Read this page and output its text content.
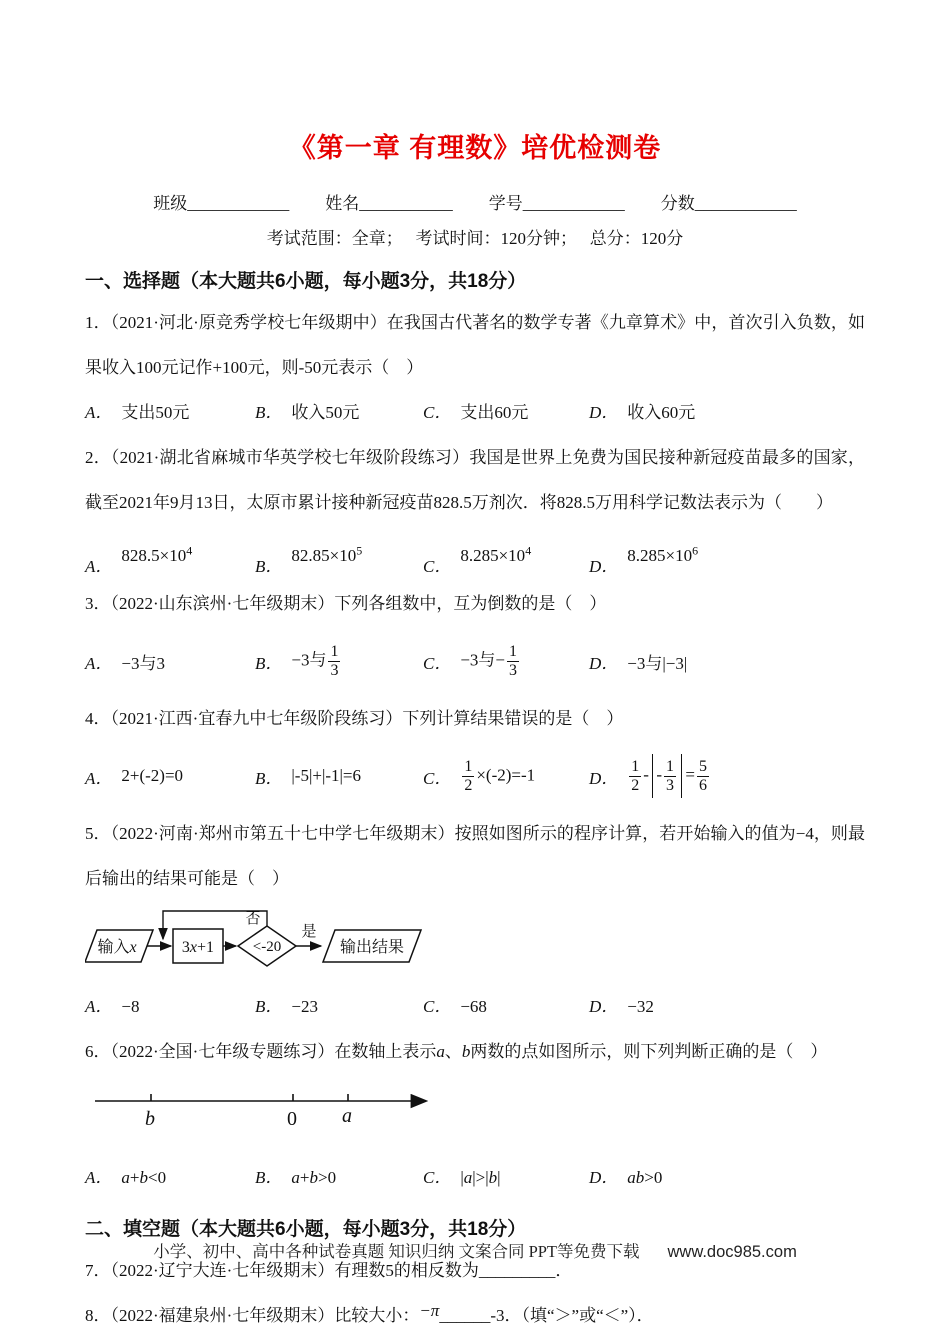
《第一章 有理数》培优检测卷
班级____________ 姓名___________ 学号____________ 分数____________
考试范围：全章；　 考试时间：120分钟；　 总分：120分
一、选择题（本大题共6小题，每小题3分，共18分）
1．（2021·河北·原竞秀学校七年级期中）在我国古代著名的数学专著《九章算术》中，首次引入负数，如果收入100元记作+100元，则-50元表示（　）
A． 支出50元	B． 收入50元	C． 支出60元	D． 收入60元
2．（2021·湖北省麻城市华英学校七年级阶段练习）我国是世界上免费为国民接种新冠疫苗最多的国家，截至2021年9月13日，太原市累计接种新冠疫苗828.5万剂次．将828.5万用科学记数法表示为（　　）
A．
$828.5\times 10^4$
B．
$82.85\times 10^5$
C．
$8.285\times 10^4$
D．
$8.285\times 10^6$
3．（2022·山东滨州·七年级期末）下列各组数中，互为倒数的是（　）
A． −3与3	B． −3与 $\frac{1}{3}$	C． −3与− $\frac{1}{3}$	D． −3与|−3|
4．（2021·江西·宜春九中七年级阶段练习）下列计算结果错误的是（　）
A． 2+(-2)=0	B． |-5|+|-1|=6	C． $\frac{1}{2} \times(-2)=-1$	D． $\frac{1}{2}$ - - $\frac{1}{3} = \frac{5}{6}$
5．（2022·河南·郑州市第五十七中学七年级期末）按照如图所示的程序计算，若开始输入的值为−4，则最后输出的结果可能是（　）
否
输入x	3x+1	<-20
是
输出结果
A． −8	B． −23	C． −68	D． −32
6．（2022·全国·七年级专题练习）在数轴上表示a、b两数的点如图所示，则下列判断正确的是（　）
b	0 a
A． a+b<0	B． a+b>0	C． |a|>|b|	D． ab>0
二、填空题（本大题共6小题，每小题3分，共18分）
7．（2022·辽宁大连·七年级期末）有理数5的相反数为_________．
8．（2022·福建泉州·七年级期末）比较大小：−π______-3．（填“＞”或“＜”）．
小学、初中、高中各种试卷真题 知识归纳 文案合同 PPT等免费下载 www.doc985.com
